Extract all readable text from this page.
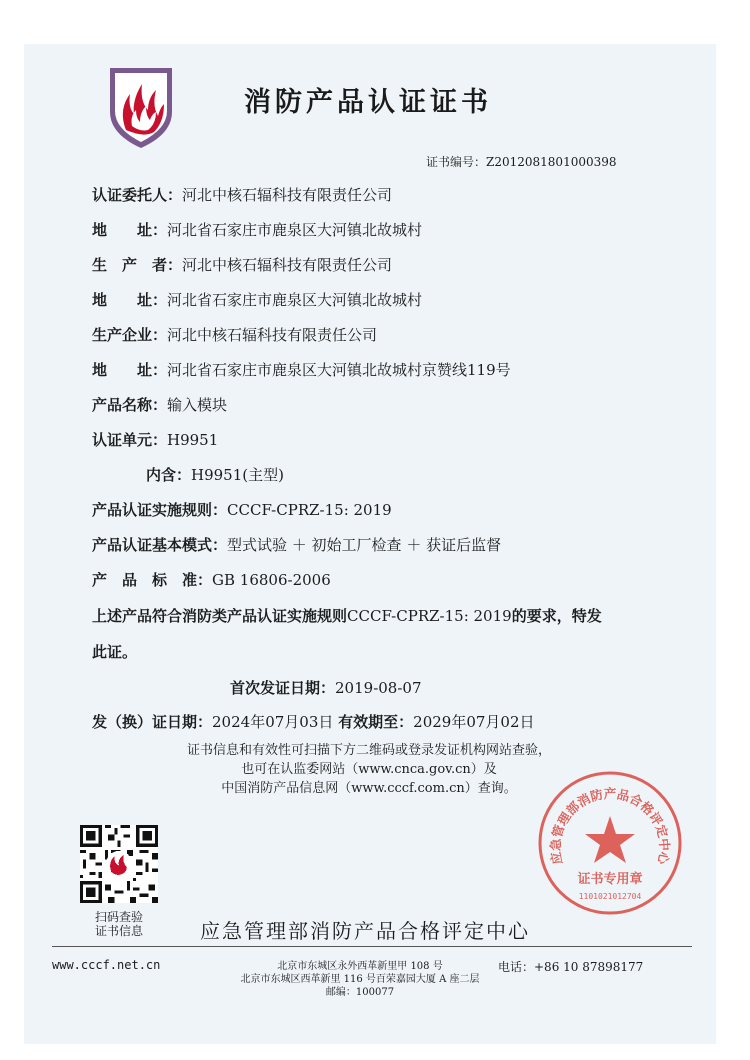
消防产品认证证书
证书编号：Z2012081801000398
认证委托人：河北中核石辐科技有限责任公司
地　　址：河北省石家庄市鹿泉区大河镇北故城村
生　产　者：河北中核石辐科技有限责任公司
地　　址：河北省石家庄市鹿泉区大河镇北故城村
生产企业：河北中核石辐科技有限责任公司
地　　址：河北省石家庄市鹿泉区大河镇北故城村京赞线119号
产品名称：输入模块
认证单元：H9951
内含：H9951(主型)
产品认证实施规则：CCCF-CPRZ-15: 2019
产品认证基本模式：型式试验 ＋ 初始工厂检查 ＋ 获证后监督
产　品　标　准：GB 16806-2006
上述产品符合消防类产品认证实施规则CCCF-CPRZ-15: 2019的要求，特发
此证。
首次发证日期：2019-08-07
发（换）证日期：2024年07月03日 有效期至：2029年07月02日
证书信息和有效性可扫描下方二维码或登录发证机构网站查验，
也可在认监委网站（www.cnca.gov.cn）及
中国消防产品信息网（www.cccf.com.cn）查询。
扫码查验
证书信息	应急管理部消防产品合格评定中心
应急管理部消防产品合格评定中心
证书专用章
1101021012704
www.cccf.net.cn	北京市东城区永外西革新里甲 108 号
北京市东城区西革新里 116 号百荣嘉园大厦 A 座二层
邮编：100077
电话：+86 10 87898177
